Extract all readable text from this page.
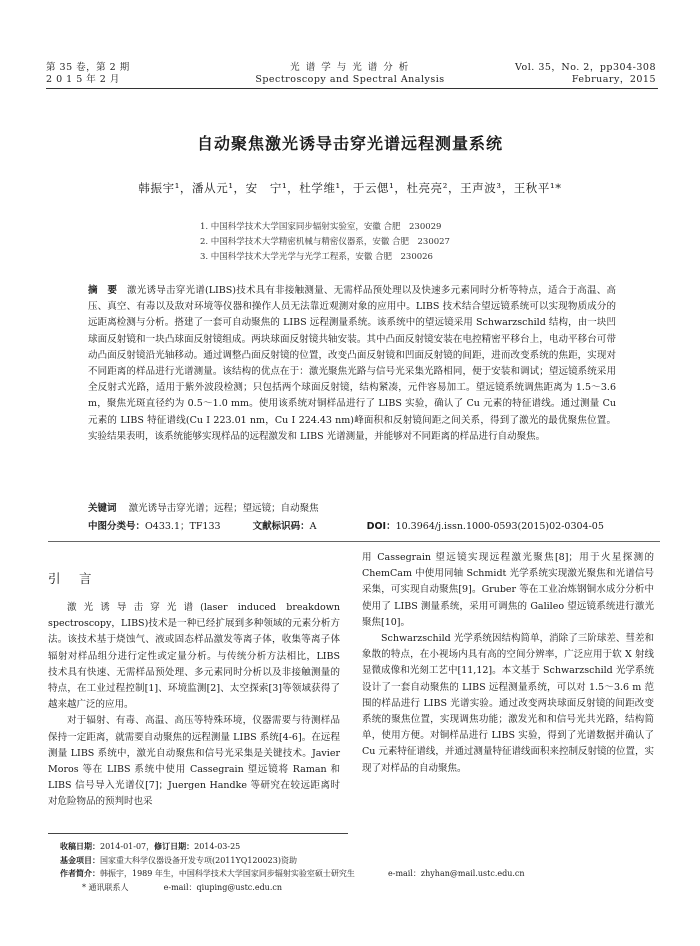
第 35 卷，第 2 期
2 0 1 5 年 2 月
光 谱 学 与 光 谱 分 析
Spectroscopy and Spectral Analysis
Vol. 35，No. 2，pp304-308
February，2015
自动聚焦激光诱导击穿光谱远程测量系统
韩振宇¹，潘从元¹，安　宁¹，杜学维¹，于云偲¹，杜亮亮²，王声波³，王秋平¹*
1. 中国科学技术大学国家同步辐射实验室，安徽 合肥　230029
2. 中国科学技术大学精密机械与精密仪器系，安徽 合肥　230027
3. 中国科学技术大学光学与光学工程系，安徽 合肥　230026
摘　要 激光诱导击穿光谱(LIBS)技术具有非接触测量、无需样品预处理以及快速多元素同时分析等特点，适合于高温、高压、真空、有毒以及敌对环境等仪器和操作人员无法靠近观测对象的应用中。LIBS 技术结合望远镜系统可以实现物质成分的远距离检测与分析。搭建了一套可自动聚焦的 LIBS 远程测量系统。该系统中的望远镜采用 Schwarzschild 结构，由一块凹球面反射镜和一块凸球面反射镜组成。两块球面反射镜共轴安装。其中凸面反射镜安装在电控精密平移台上，电动平移台可带动凸面反射镜沿光轴移动。通过调整凸面反射镜的位置，改变凸面反射镜和凹面反射镜的间距，进而改变系统的焦距，实现对不同距离的样品进行光谱测量。该结构的优点在于：激光聚焦光路与信号光采集光路相同，便于安装和调试；望远镜系统采用全反射式光路，适用于紫外波段检测；只包括两个球面反射镜，结构紧凑，元件容易加工。望远镜系统调焦距离为 1.5～3.6 m，聚焦光斑直径约为 0.5～1.0 mm。使用该系统对铜样品进行了 LIBS 实验，确认了 Cu 元素的特征谱线。通过测量 Cu 元素的 LIBS 特征谱线(Cu Ⅰ 223.01 nm，Cu Ⅰ 224.43 nm)峰面积和反射镜间距之间关系，得到了激光的最优聚焦位置。实验结果表明，该系统能够实现样品的远程激发和 LIBS 光谱测量，并能够对不同距离的样品进行自动聚焦。
关键词 激光诱导击穿光谱；远程；望远镜；自动聚焦
中图分类号：O433.1；TF133	文献标识码：A	DOI：10.3964/j.issn.1000-0593(2015)02-0304-05
引　言
激光诱导击穿光谱(laser induced breakdown spectroscopy，LIBS)技术是一种已经扩展到多种领域的元素分析方法。该技术基于烧蚀气、液或固态样品激发等离子体，收集等离子体辐射对样品组分进行定性或定量分析。与传统分析方法相比，LIBS 技术具有快速、无需样品预处理、多元素同时分析以及非接触测量的特点，在工业过程控制[1]、环境监测[2]、太空探索[3]等领域获得了越来越广泛的应用。
对于辐射、有毒、高温、高压等特殊环境，仪器需要与待测样品保持一定距离，就需要自动聚焦的远程测量 LIBS 系统[4-6]。在远程测量 LIBS 系统中，激光自动聚焦和信号光采集是关键技术。Javier Moros 等在 LIBS 系统中使用 Cassegrain 望远镜将 Raman 和 LIBS 信号导入光谱仪[7]；Juergen Handke 等研究在较远距离时对危险物品的预判时也采
用 Cassegrain 望远镜实现远程激光聚焦[8]；用于火星探测的 ChemCam 中使用同轴 Schmidt 光学系统实现激光聚焦和光谱信号采集，可实现自动聚焦[9]。Gruber 等在工业冶炼钢铜水成分分析中使用了 LIBS 测量系统，采用可调焦的 Galileo 望远镜系统进行激光聚焦[10]。
Schwarzschild 光学系统因结构简单，消除了三阶球差、彗差和象散的特点，在小视场内具有高的空间分辨率，广泛应用于软 X 射线显微成像和光刻工艺中[11,12]。本文基于 Schwarzschild 光学系统设计了一套自动聚焦的 LIBS 远程测量系统，可以对 1.5～3.6 m 范围的样品进行 LIBS 光谱实验。通过改变两块球面反射镜的间距改变系统的聚焦位置，实现调焦功能；激发光和和信号光共光路，结构简单，使用方便。对铜样品进行 LIBS 实验，得到了光谱数据并确认了 Cu 元素特征谱线，并通过测量特征谱线面积来控制反射镜的位置，实现了对样品的自动聚焦。
收稿日期：2014-01-07，修订日期：2014-03-25
基金项目：国家重大科学仪器设备开发专项(2011YQ120023)资助
作者简介：韩振宇，1989 年生，中国科学技术大学国家同步辐射实验室硕士研究生	e-mail：zhyhan@mail.ustc.edu.cn
* 通讯联系人	e-mail：qiuping@ustc.edu.cn
